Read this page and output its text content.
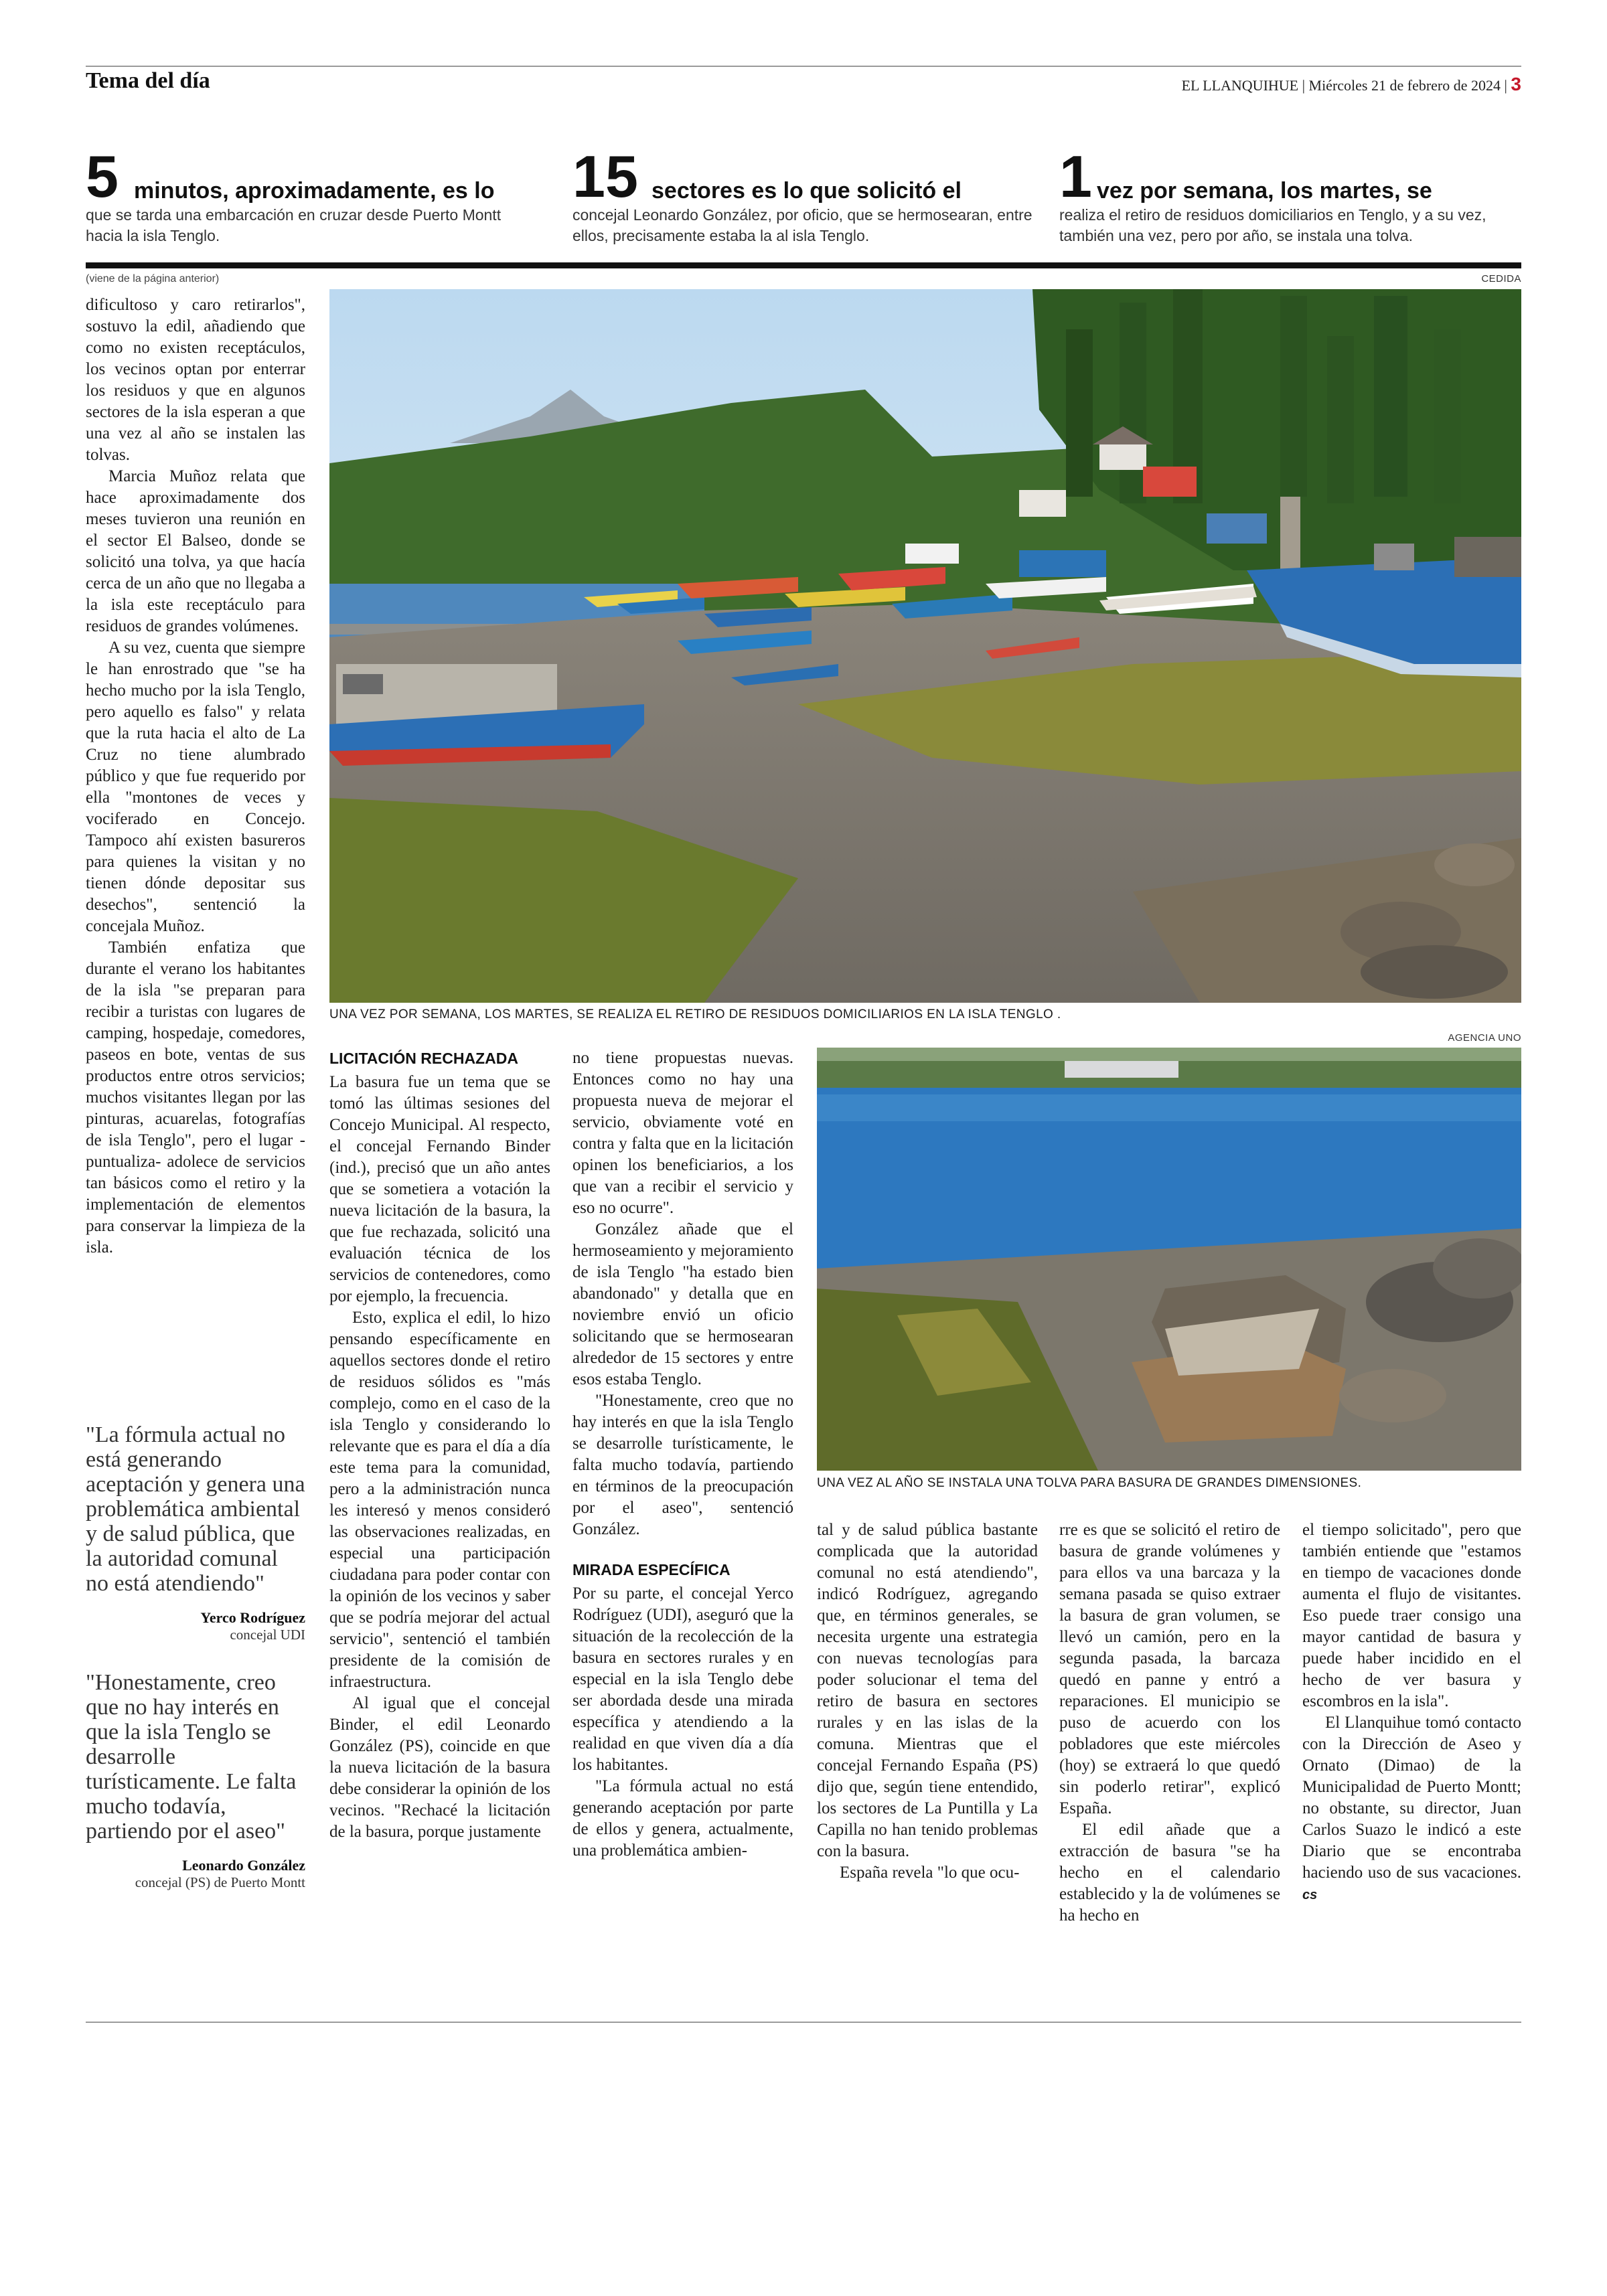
Tema del día	EL LLANQUIHUE | Miércoles 21 de febrero de 2024 | 3
5 minutos, aproximadamente, es lo
que se tarda una embarcación en cruzar desde Puerto Montt hacia la isla Tenglo.
15 sectores es lo que solicitó el
concejal Leonardo González, por oficio, que se hermosearan, entre ellos, precisamente estaba la al isla Tenglo.
1 vez por semana, los martes, se
realiza el retiro de residuos domiciliarios en Tenglo, y a su vez, también una vez, pero por año, se instala una tolva.
(viene de la página anterior)	CEDIDA
UNA VEZ POR SEMANA, LOS MARTES, SE REALIZA EL RETIRO DE RESIDUOS DOMICILIARIOS EN LA ISLA TENGLO .
AGENCIA UNO
UNA VEZ AL AÑO SE INSTALA UNA TOLVA PARA BASURA DE GRANDES DIMENSIONES.

dificultoso y caro retirarlos", sostuvo la edil, añadiendo que como no existen receptáculos, los vecinos optan por enterrar los residuos y que en algunos sectores de la isla esperan a que una vez al año se instalen las tolvas.

Marcia Muñoz relata que hace aproximadamente dos meses tuvieron una reunión en el sector El Balseo, donde se solicitó una tolva, ya que hacía cerca de un año que no llegaba a la isla este receptáculo para residuos de grandes volúmenes.

A su vez, cuenta que siempre le han enrostrado que "se ha hecho mucho por la isla Tenglo, pero aquello es falso" y relata que la ruta hacia el alto de La Cruz no tiene alumbrado público y que fue requerido por ella "montones de veces y vociferado en Concejo. Tampoco ahí existen basureros para quienes la visitan y no tienen dónde depositar sus desechos", sentenció la concejala Muñoz.

También enfatiza que durante el verano los habitantes de la isla "se preparan para recibir a turistas con lugares de camping, hospedaje, comedores, paseos en bote, ventas de sus productos entre otros servicios; muchos visitantes llegan por las pinturas, acuarelas, fotografías de isla Tenglo", pero el lugar -puntualiza- adolece de servicios tan básicos como el retiro y la implementación de elementos para conservar la limpieza de la isla.

"La fórmula actual no está generando aceptación y genera una problemática ambiental y de salud pública, que la autoridad comunal no está atendiendo"
Yerco Rodríguez
concejal UDI
"Honestamente, creo que no hay interés en que la isla Tenglo se desarrolle turísticamente. Le falta mucho todavía, partiendo por el aseo"
Leonardo González
concejal (PS) de Puerto Montt
LICITACIÓN RECHAZADA

La basura fue un tema que se tomó las últimas sesiones del Concejo Municipal. Al respecto, el concejal Fernando Binder (ind.), precisó que un año antes que se sometiera a votación la nueva licitación de la basura, la que fue rechazada, solicitó una evaluación técnica de los servicios de contenedores, como por ejemplo, la frecuencia.

Esto, explica el edil, lo hizo pensando específicamente en aquellos sectores donde el retiro de residuos sólidos es "más complejo, como en el caso de la isla Tenglo y considerando lo relevante que es para el día a día este tema para la comunidad, pero a la administración nunca les interesó y menos consideró las observaciones realizadas, en especial una participación ciudadana para poder contar con la opinión de los vecinos y saber que se podría mejorar del actual servicio", sentenció el también presidente de la comisión de infraestructura.

Al igual que el concejal Binder, el edil Leonardo González (PS), coincide en que la nueva licitación de la basura debe considerar la opinión de los vecinos. "Rechacé la licitación de la basura, porque justamente

no tiene propuestas nuevas. Entonces como no hay una propuesta nueva de mejorar el servicio, obviamente voté en contra y falta que en la licitación opinen los beneficiarios, a los que van a recibir el servicio y eso no ocurre".

González añade que el hermoseamiento y mejoramiento de isla Tenglo "ha estado bien abandonado" y detalla que en noviembre envió un oficio solicitando que se hermosearan alrededor de 15 sectores y entre esos estaba Tenglo.

"Honestamente, creo que no hay interés en que la isla Tenglo se desarrolle turísticamente, le falta mucho todavía, partiendo en términos de la preocupación por el aseo", sentenció González.

MIRADA ESPECÍFICA

Por su parte, el concejal Yerco Rodríguez (UDI), aseguró que la situación de la recolección de la basura en sectores rurales y en especial en la isla Tenglo debe ser abordada desde una mirada específica y atendiendo a la realidad en que viven día a día los habitantes.

"La fórmula actual no está generando aceptación por parte de ellos y genera, actualmente, una problemática ambien-

tal y de salud pública bastante complicada que la autoridad comunal no está atendiendo", indicó Rodríguez, agregando que, en términos generales, se necesita urgente una estrategia con nuevas tecnologías para poder solucionar el tema del retiro de basura en sectores rurales y en las islas de la comuna. Mientras que el concejal Fernando España (PS) dijo que, según tiene entendido, los sectores de La Puntilla y La Capilla no han tenido problemas con la basura.

España revela "lo que ocu-

rre es que se solicitó el retiro de basura de grande volúmenes y para ellos va una barcaza y la semana pasada se quiso extraer la basura de gran volumen, se llevó un camión, pero en la segunda pasada, la barcaza quedó en panne y entró a reparaciones. El municipio se puso de acuerdo con los pobladores que este miércoles (hoy) se extraerá lo que quedó sin poderlo retirar", explicó España.

El edil añade que a extracción de basura "se ha hecho en el calendario establecido y la de volúmenes se ha hecho en

el tiempo solicitado", pero que también entiende que "estamos en tiempo de vacaciones donde aumenta el flujo de visitantes. Eso puede traer consigo una mayor cantidad de basura y puede haber incidido en el hecho de ver basura y escombros en la isla".

El Llanquihue tomó contacto con la Dirección de Aseo y Ornato (Dimao) de la Municipalidad de Puerto Montt; no obstante, su director, Juan Carlos Suazo le indicó a este Diario que se encontraba haciendo uso de sus vacaciones. cs
